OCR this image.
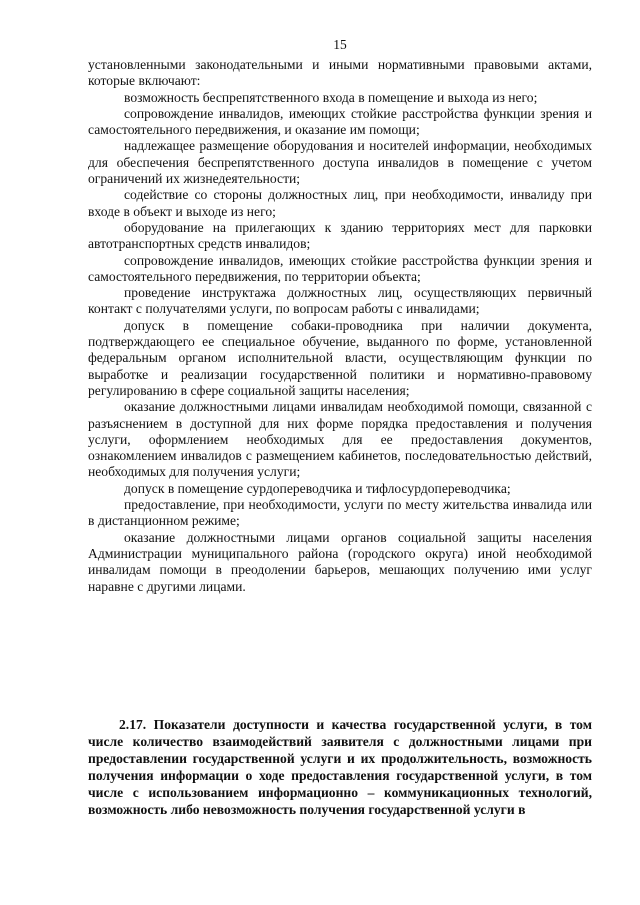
15

установленными законодательными и иными нормативными правовыми актами, которые включают:

возможность беспрепятственного входа в помещение и выхода из него;

сопровождение инвалидов, имеющих стойкие расстройства функции зрения и самостоятельного передвижения, и оказание им помощи;

надлежащее размещение оборудования и носителей информации, необходимых для обеспечения беспрепятственного доступа инвалидов в помещение с учетом ограничений их жизнедеятельности;

содействие со стороны должностных лиц, при необходимости, инвалиду при входе в объект и выходе из него;

оборудование на прилегающих к зданию территориях мест для парковки автотранспортных средств инвалидов;

сопровождение инвалидов, имеющих стойкие расстройства функции зрения и самостоятельного передвижения, по территории объекта;

проведение инструктажа должностных лиц, осуществляющих первичный контакт с получателями услуги, по вопросам работы с инвалидами;

допуск в помещение собаки-проводника при наличии документа, подтверждающего ее специальное обучение, выданного по форме, установленной федеральным органом исполнительной власти, осуществляющим функции по выработке и реализации государственной политики и нормативно-правовому регулированию в сфере социальной защиты населения;

оказание должностными лицами инвалидам необходимой помощи, связанной с разъяснением в доступной для них форме порядка предоставления и получения услуги, оформлением необходимых для ее предоставления документов, ознакомлением инвалидов с размещением кабинетов, последовательностью действий, необходимых для получения услуги;

допуск в помещение сурдопереводчика и тифлосурдопереводчика;

предоставление, при необходимости, услуги по месту жительства инвалида или в дистанционном режиме;

оказание должностными лицами органов социальной защиты населения Администрации муниципального района (городского округа) иной необходимой инвалидам помощи в преодолении барьеров, мешающих получению ими услуг наравне с другими лицами.

2.17. Показатели доступности и качества государственной услуги, в том числе количество взаимодействий заявителя с должностными лицами при предоставлении государственной услуги и их продолжительность, возможность получения информации о ходе предоставления государственной услуги, в том числе с использованием информационно – коммуникационных технологий, возможность либо невозможность получения государственной услуги в
